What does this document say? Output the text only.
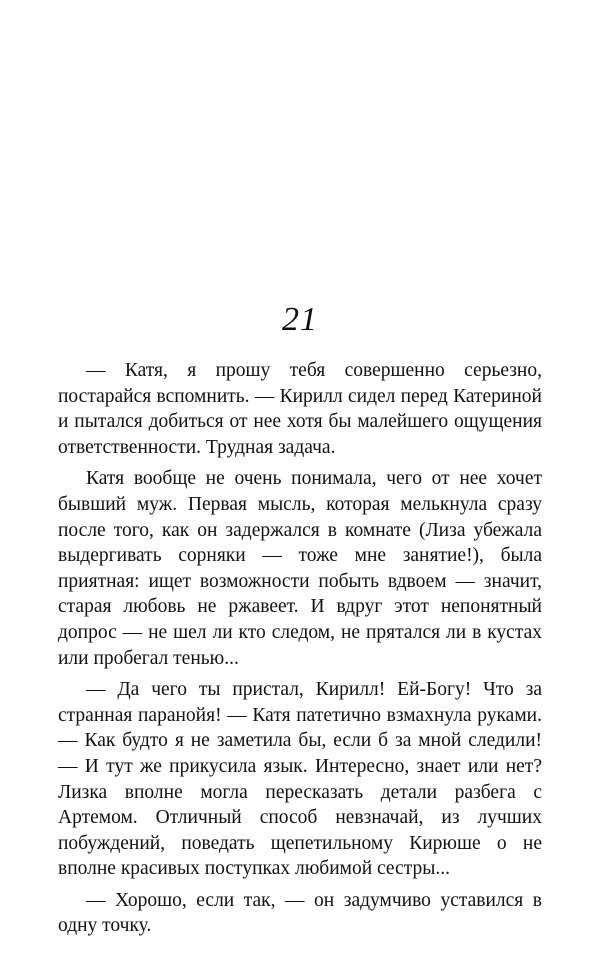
21

— Катя, я прошу тебя совершенно серьезно, постарайся вспомнить. — Кирилл сидел перед Катериной и пытался добиться от нее хотя бы малейшего ощущения ответственности. Трудная задача.

Катя вообще не очень понимала, чего от нее хочет бывший муж. Первая мысль, которая мелькнула сразу после того, как он задержался в комнате (Лиза убежала выдергивать сорняки — тоже мне занятие!), была приятная: ищет возможности побыть вдвоем — значит, старая любовь не ржавеет. И вдруг этот непонятный допрос — не шел ли кто следом, не прятался ли в кустах или пробегал тенью...

— Да чего ты пристал, Кирилл! Ей-Богу! Что за странная паранойя! — Катя патетично взмахнула руками. — Как будто я не заметила бы, если б за мной следили! — И тут же прикусила язык. Интересно, знает или нет? Лизка вполне могла пересказать детали разбега с Артемом. Отличный способ невзначай, из лучших побуждений, поведать щепетильному Кирюше о не вполне красивых поступках любимой сестры...

— Хорошо, если так, — он задумчиво уставился в одну точку.
